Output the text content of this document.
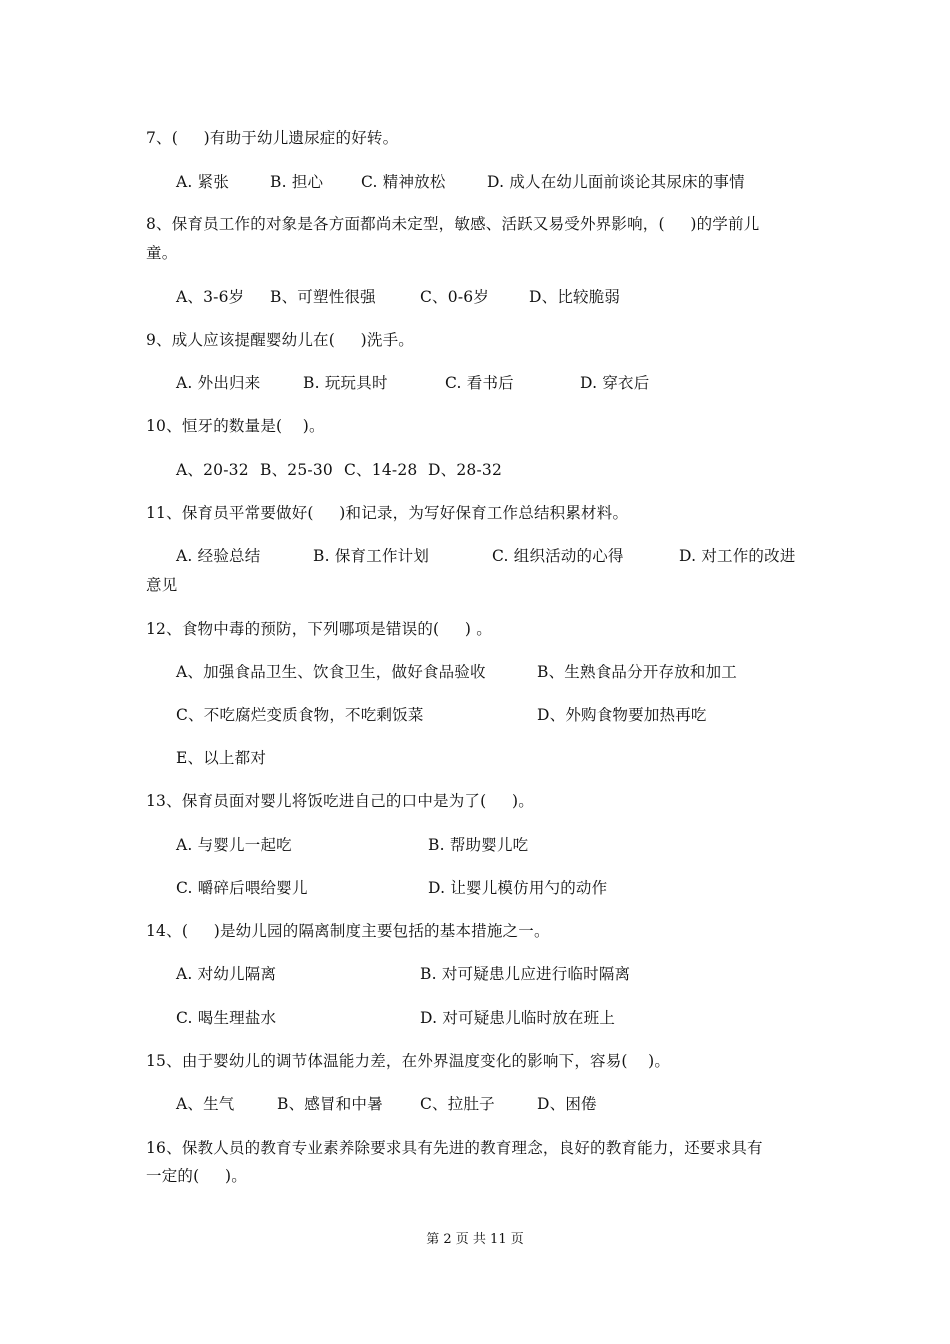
7、(     )有助于幼儿遗尿症的好转。
A. 紧张	B. 担心 C. 精神放松	D. 成人在幼儿面前谈论其尿床的事情
8、保育员工作的对象是各方面都尚未定型，敏感、活跃又易受外界影响，(     )的学前儿
童。
A、3-6岁 B、可塑性很强	C、0-6岁	D、比较脆弱
9、成人应该提醒婴幼儿在(     )洗手。
A. 外出归来	B. 玩玩具时	C. 看书后	D. 穿衣后
10、恒牙的数量是(    )。
A、20-32 B、25-30 C、14-28 D、28-32
11、保育员平常要做好(     )和记录，为写好保育工作总结积累材料。
A. 经验总结	B. 保育工作计划	C. 组织活动的心得	D. 对工作的改进
意见
12、食物中毒的预防，下列哪项是错误的(     ) 。
A、加强食品卫生、饮食卫生，做好食品验收	B、生熟食品分开存放和加工
C、不吃腐烂变质食物，不吃剩饭菜	D、外购食物要加热再吃
E、以上都对
13、保育员面对婴儿将饭吃进自己的口中是为了(     )。
A. 与婴儿一起吃	B. 帮助婴儿吃
C. 嚼碎后喂给婴儿	D. 让婴儿模仿用勺的动作
14、(     )是幼儿园的隔离制度主要包括的基本措施之一。
A. 对幼儿隔离	B. 对可疑患儿应进行临时隔离
C. 喝生理盐水	D. 对可疑患儿临时放在班上
15、由于婴幼儿的调节体温能力差，在外界温度变化的影响下，容易(    )。
A、生气	B、感冒和中暑 C、拉肚子	D、困倦
16、保教人员的教育专业素养除要求具有先进的教育理念，良好的教育能力，还要求具有
一定的(     )。
第 2 页 共 11 页
